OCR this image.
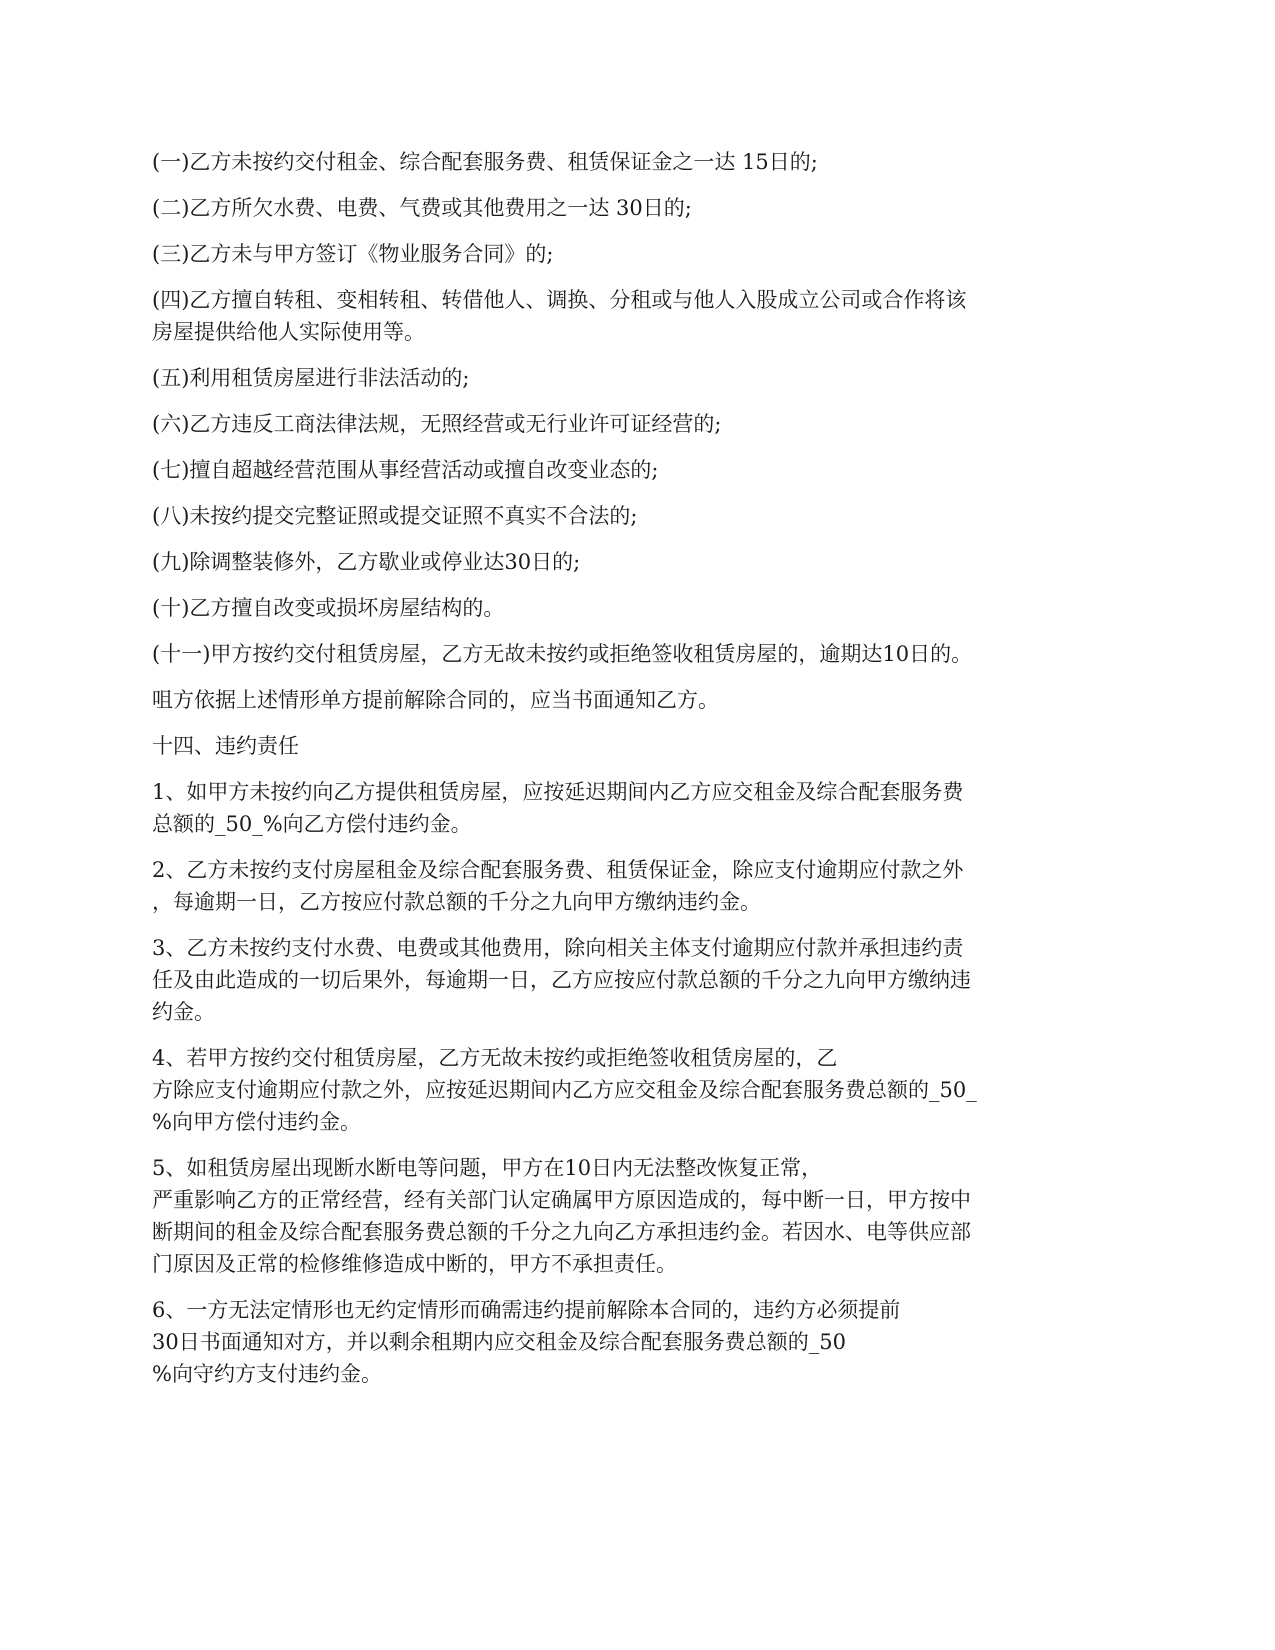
(一)乙方未按约交付租金、综合配套服务费、租赁保证金之一达 15日的;

(二)乙方所欠水费、电费、气费或其他费用之一达 30日的;

(三)乙方未与甲方签订《物业服务合同》的;

(四)乙方擅自转租、变相转租、转借他人、调换、分租或与他人入股成立公司或合作将该
房屋提供给他人实际使用等。

(五)利用租赁房屋进行非法活动的;

(六)乙方违反工商法律法规，无照经营或无行业许可证经营的;

(七)擅自超越经营范围从事经营活动或擅自改变业态的;

(八)未按约提交完整证照或提交证照不真实不合法的;

(九)除调整装修外，乙方歇业或停业达30日的;

(十)乙方擅自改变或损坏房屋结构的。

(十一)甲方按约交付租赁房屋，乙方无故未按约或拒绝签收租赁房屋的，逾期达10日的。

咀方依据上述情形单方提前解除合同的，应当书面通知乙方。

十四、违约责任

1、如甲方未按约向乙方提供租赁房屋，应按延迟期间内乙方应交租金及综合配套服务费
总额的_50_%向乙方偿付违约金。

2、乙方未按约支付房屋租金及综合配套服务费、租赁保证金，除应支付逾期应付款之外
，每逾期一日，乙方按应付款总额的千分之九向甲方缴纳违约金。

3、乙方未按约支付水费、电费或其他费用，除向相关主体支付逾期应付款并承担违约责
任及由此造成的一切后果外，每逾期一日，乙方应按应付款总额的千分之九向甲方缴纳违
约金。

4、若甲方按约交付租赁房屋，乙方无故未按约或拒绝签收租赁房屋的，乙
方除应支付逾期应付款之外，应按延迟期间内乙方应交租金及综合配套服务费总额的_50_
%向甲方偿付违约金。

5、如租赁房屋出现断水断电等问题，甲方在10日内无法整改恢复正常，
严重影响乙方的正常经营，经有关部门认定确属甲方原因造成的，每中断一日，甲方按中
断期间的租金及综合配套服务费总额的千分之九向乙方承担违约金。若因水、电等供应部
门原因及正常的检修维修造成中断的，甲方不承担责任。

6、一方无法定情形也无约定情形而确需违约提前解除本合同的，违约方必须提前
30日书面通知对方，并以剩余租期内应交租金及综合配套服务费总额的_50
%向守约方支付违约金。
